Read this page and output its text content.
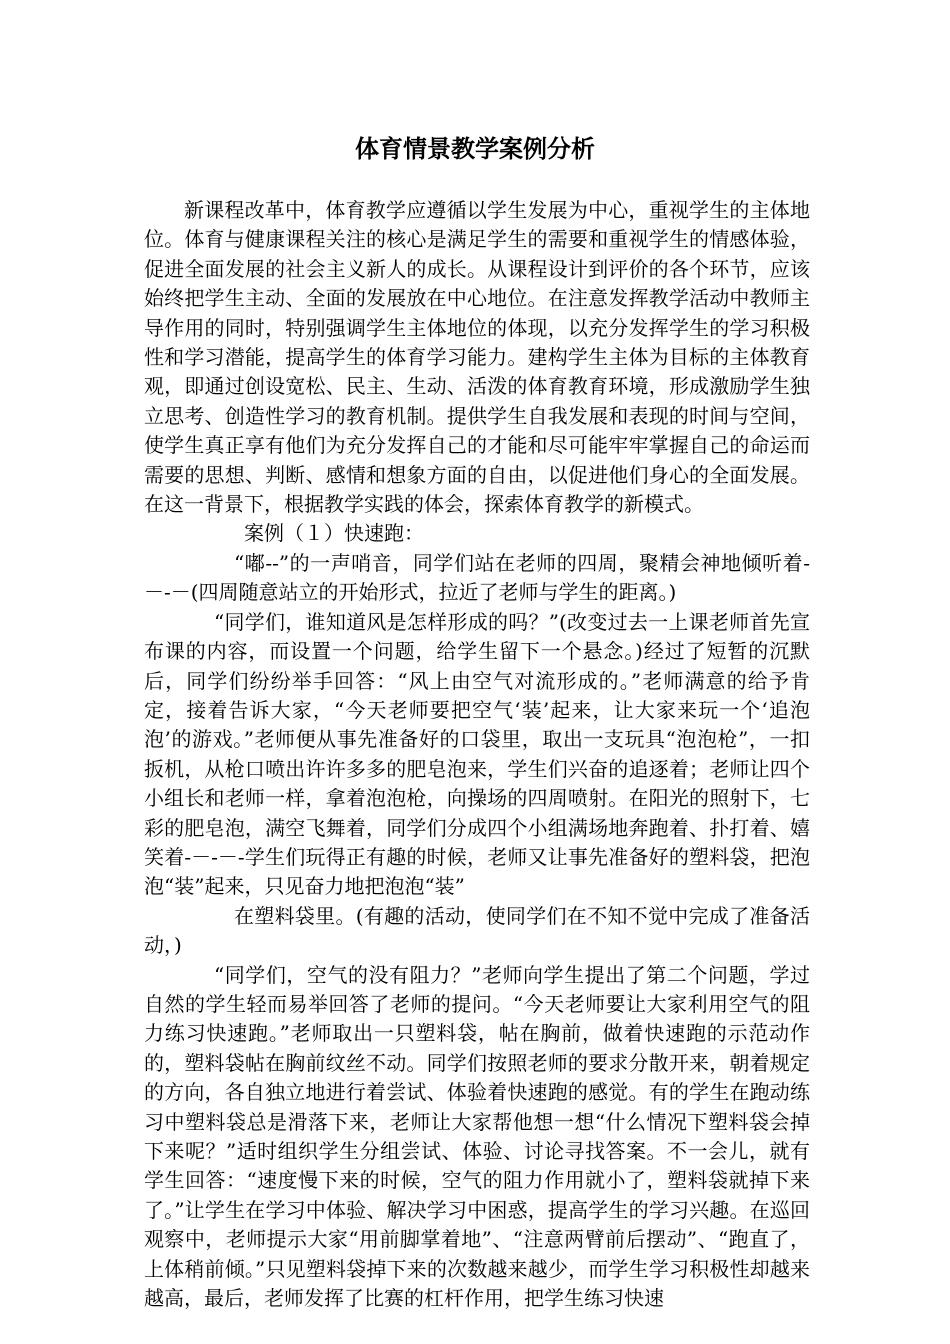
体育情景教学案例分析

新课程改革中，体育教学应遵循以学生发展为中心，重视学生的主体地位。体育与健康课程关注的核心是满足学生的需要和重视学生的情感体验，促进全面发展的社会主义新人的成长。从课程设计到评价的各个环节，应该始终把学生主动、全面的发展放在中心地位。在注意发挥教学活动中教师主导作用的同时，特别强调学生主体地位的体现，以充分发挥学生的学习积极性和学习潜能，提高学生的体育学习能力。建构学生主体为目标的主体教育观，即通过创设宽松、民主、生动、活泼的体育教育环境，形成激励学生独立思考、创造性学习的教育机制。提供学生自我发展和表现的时间与空间，使学生真正享有他们为充分发挥自己的才能和尽可能牢牢掌握自己的命运而需要的思想、判断、感情和想象方面的自由，以促进他们身心的全面发展。在这一背景下，根据教学实践的体会，探索体育教学的新模式。

案例（１）快速跑：

“嘟--”的一声哨音，同学们站在老师的四周，聚精会神地倾听着-－-－(四周随意站立的开始形式，拉近了老师与学生的距离。)

“同学们，谁知道风是怎样形成的吗？”(改变过去一上课老师首先宣布课的内容，而设置一个问题，给学生留下一个悬念。)经过了短暂的沉默后，同学们纷纷举手回答：“风上由空气对流形成的。”老师满意的给予肯定，接着告诉大家，“今天老师要把空气‘装’起来，让大家来玩一个‘追泡泡’的游戏。”老师便从事先准备好的口袋里，取出一支玩具“泡泡枪”，一扣扳机，从枪口喷出许许多多的肥皂泡来，学生们兴奋的追逐着；老师让四个小组长和老师一样，拿着泡泡枪，向操场的四周喷射。在阳光的照射下，七彩的肥皂泡，满空飞舞着，同学们分成四个小组满场地奔跑着、扑打着、嬉笑着-－-－-学生们玩得正有趣的时候，老师又让事先准备好的塑料袋，把泡泡“装”起来，只见奋力地把泡泡“装”

在塑料袋里。(有趣的活动，使同学们在不知不觉中完成了准备活动，)

“同学们，空气的没有阻力？”老师向学生提出了第二个问题，学过自然的学生轻而易举回答了老师的提问。“今天老师要让大家利用空气的阻力练习快速跑。”老师取出一只塑料袋，帖在胸前，做着快速跑的示范动作的，塑料袋帖在胸前纹丝不动。同学们按照老师的要求分散开来，朝着规定的方向，各自独立地进行着尝试、体验着快速跑的感觉。有的学生在跑动练习中塑料袋总是滑落下来，老师让大家帮他想一想“什么情况下塑料袋会掉下来呢？”适时组织学生分组尝试、体验、讨论寻找答案。不一会儿，就有学生回答：“速度慢下来的时候，空气的阻力作用就小了，塑料袋就掉下来了。”让学生在学习中体验、解决学习中困惑，提高学生的学习兴趣。在巡回观察中，老师提示大家“用前脚掌着地”、“注意两臂前后摆动”、“跑直了，上体稍前倾。”只见塑料袋掉下来的次数越来越少，而学生学习积极性却越来越高，最后，老师发挥了比赛的杠杆作用，把学生练习快速
